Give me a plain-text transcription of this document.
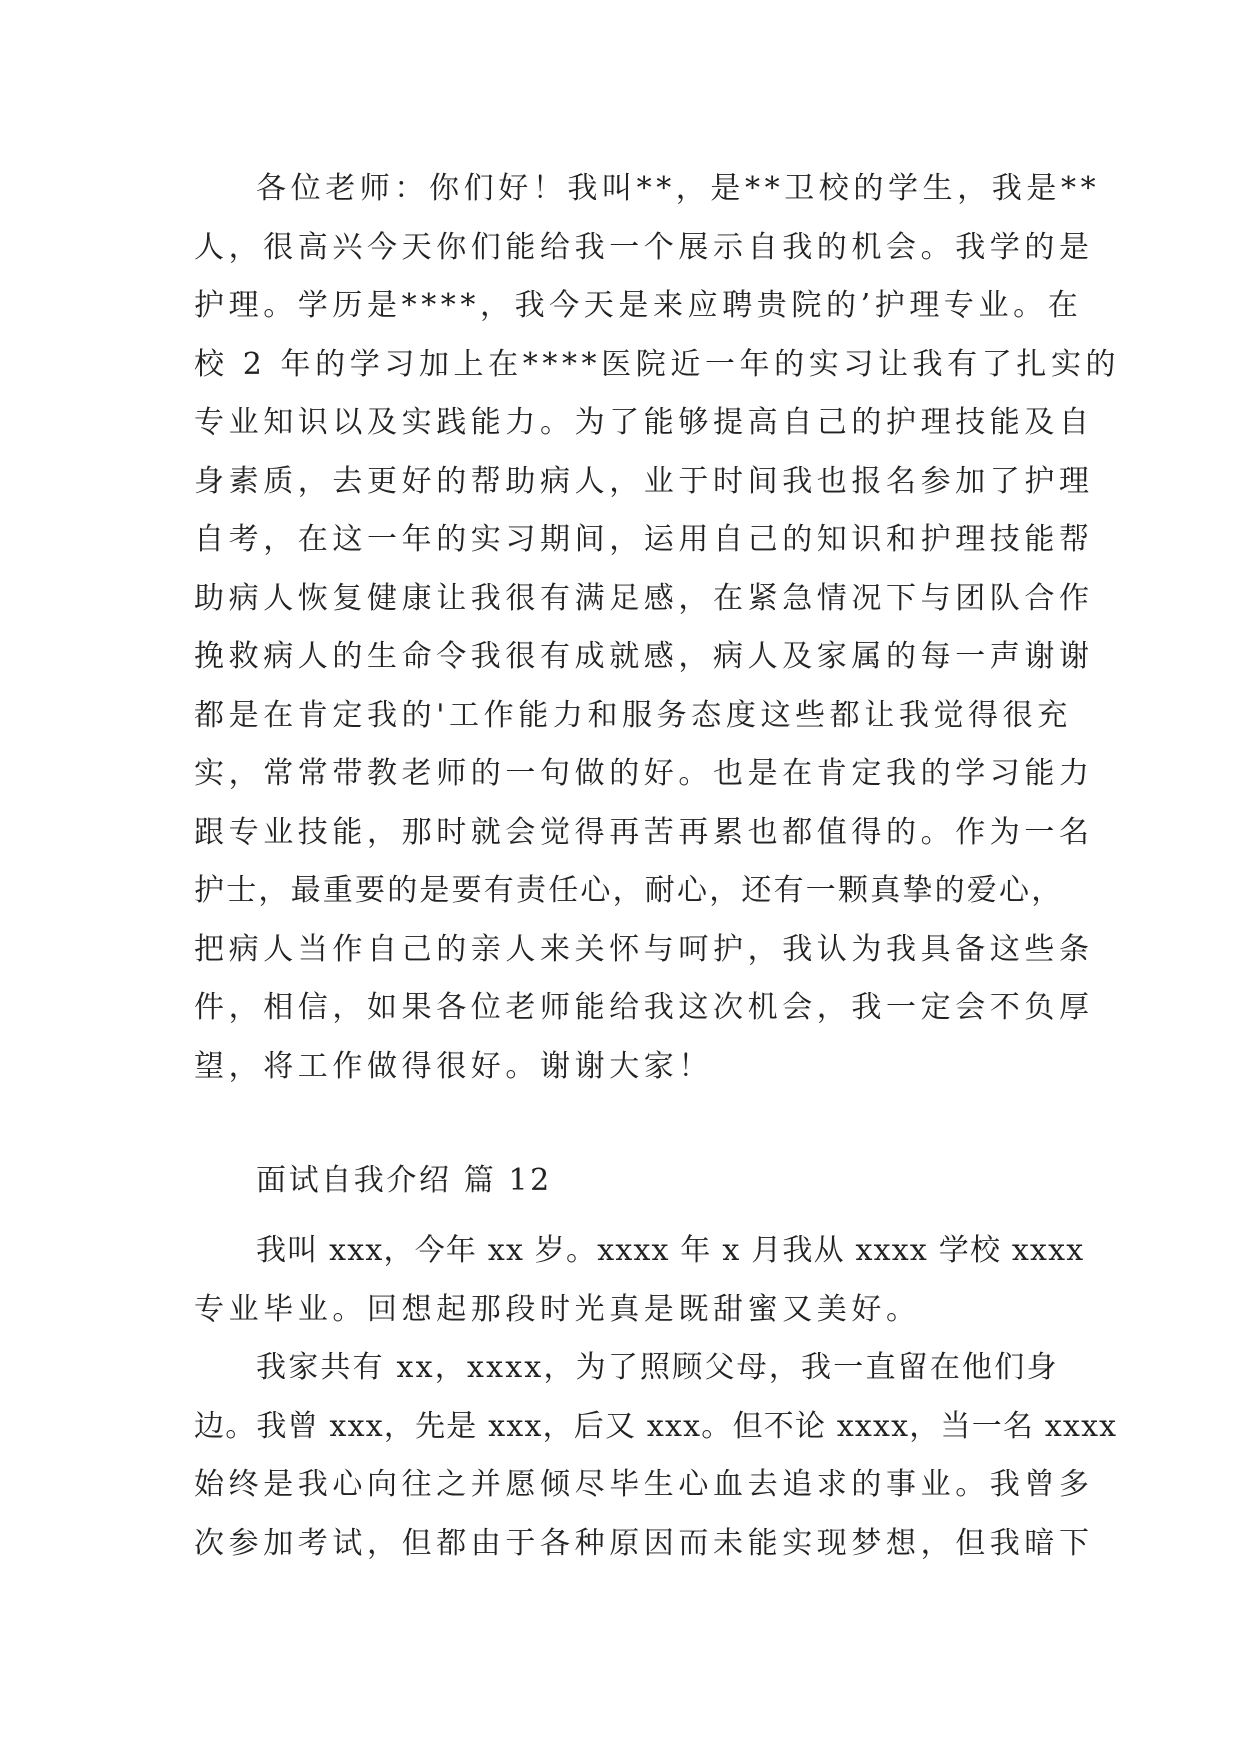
各位老师：你们好！我叫**，是**卫校的学生，我是**
人，很高兴今天你们能给我一个展示自我的机会。我学的是
护理。学历是****，我今天是来应聘贵院的’护理专业。在
校 2 年的学习加上在****医院近一年的实习让我有了扎实的
专业知识以及实践能力。为了能够提高自己的护理技能及自
身素质，去更好的帮助病人，业于时间我也报名参加了护理
自考，在这一年的实习期间，运用自己的知识和护理技能帮
助病人恢复健康让我很有满足感，在紧急情况下与团队合作
挽救病人的生命令我很有成就感，病人及家属的每一声谢谢
都是在肯定我的'工作能力和服务态度这些都让我觉得很充
实，常常带教老师的一句做的好。也是在肯定我的学习能力
跟专业技能，那时就会觉得再苦再累也都值得的。作为一名
护士，最重要的是要有责任心，耐心，还有一颗真挚的爱心，
把病人当作自己的亲人来关怀与呵护，我认为我具备这些条
件，相信，如果各位老师能给我这次机会，我一定会不负厚
望，将工作做得很好。谢谢大家！
面试自我介绍 篇 12
我叫 xxx，今年 xx 岁。xxxx 年 x 月我从 xxxx 学校 xxxx
专业毕业。回想起那段时光真是既甜蜜又美好。
我家共有 xx，xxxx，为了照顾父母，我一直留在他们身
边。我曾 xxx，先是 xxx，后又 xxx。但不论 xxxx，当一名 xxxx
始终是我心向往之并愿倾尽毕生心血去追求的事业。我曾多
次参加考试，但都由于各种原因而未能实现梦想，但我暗下
